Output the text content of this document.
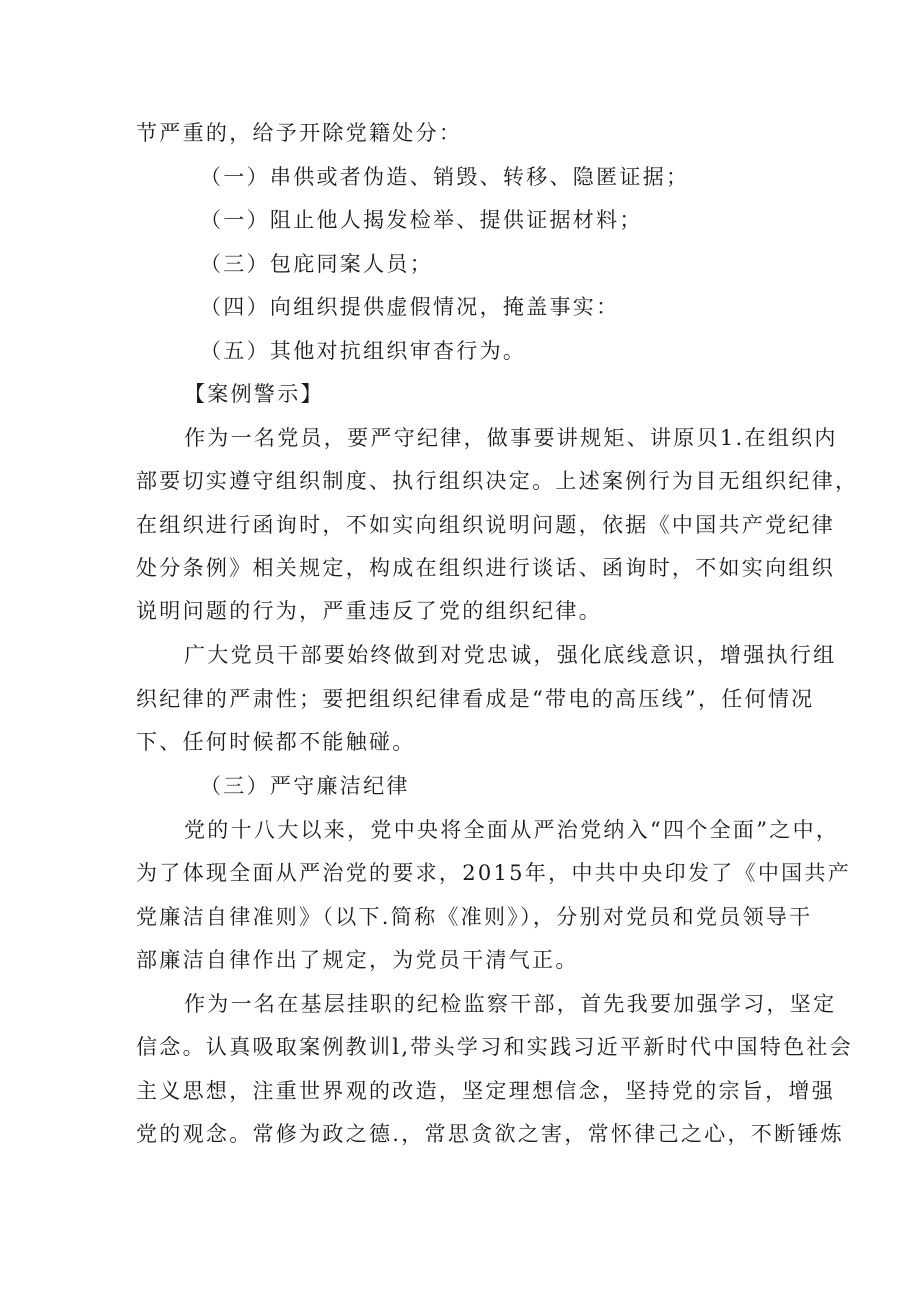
节严重的，给予开除党籍处分：
（一）串供或者伪造、销毁、转移、隐匿证据；
（一）阻止他人揭发检举、提供证据材料；
（三）包庇同案人员；
（四）向组织提供虚假情况，掩盖事实：
（五）其他对抗组织审杳行为。
【案例警示】
作为一名党员，要严守纪律，做事要讲规矩、讲原贝1.在组织内
部要切实遵守组织制度、执行组织决定。上述案例行为目无组织纪律，
在组织进行函询时，不如实向组织说明问题，依据《中国共产党纪律
处分条例》相关规定，构成在组织进行谈话、函询时，不如实向组织
说明问题的行为，严重违反了党的组织纪律。
广大党员干部要始终做到对党忠诚，强化底线意识，增强执行组
织纪律的严肃性；要把组织纪律看成是“带电的高压线”，任何情况
下、任何时候都不能触碰。
（三）严守廉洁纪律
党的十八大以来，党中央将全面从严治党纳入“四个全面”之中，
为了体现全面从严治党的要求，2015年，中共中央印发了《中国共产
党廉洁自律准则》（以下.简称《准则》），分别对党员和党员领导干
部廉洁自律作出了规定，为党员干清气正。
作为一名在基层挂职的纪检监察干部，首先我要加强学习，坚定
信念。认真吸取案例教训l,带头学习和实践习近平新时代中国特色社会
主义思想，注重世界观的改造，坚定理想信念，坚持党的宗旨，增强
党的观念。常修为政之德.，常思贪欲之害，常怀律己之心，不断锤炼
